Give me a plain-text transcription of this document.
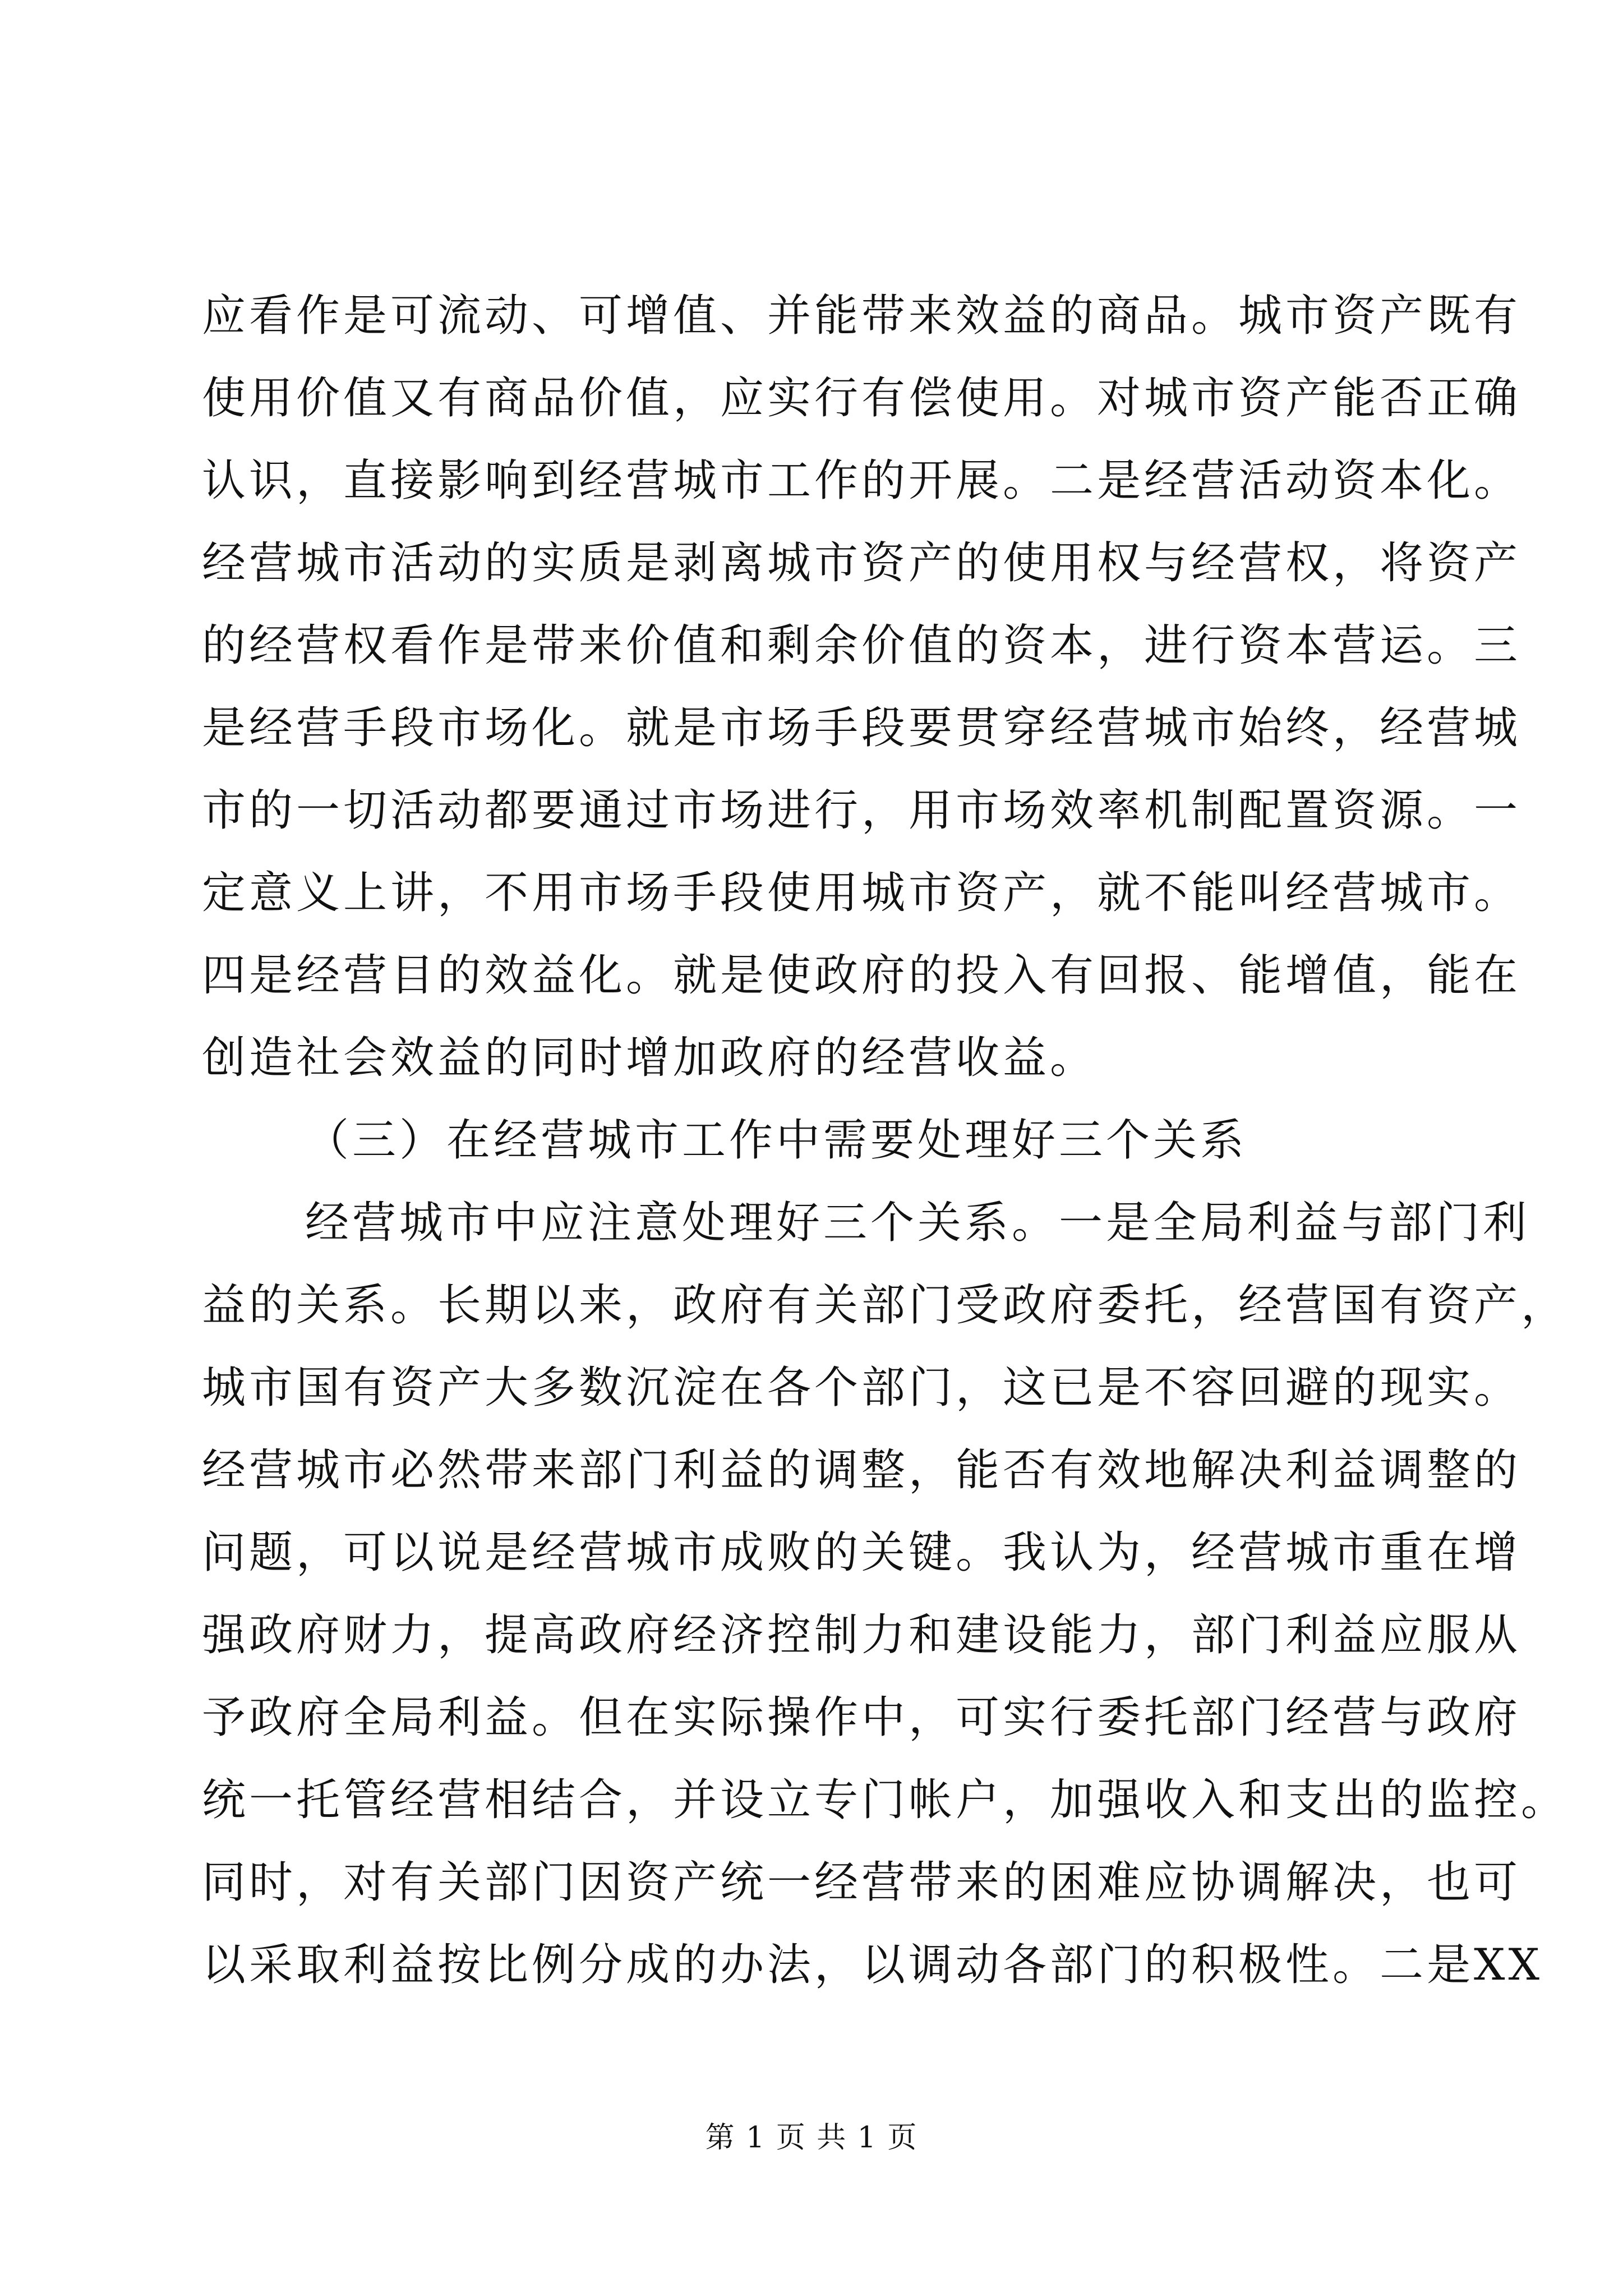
应看作是可流动、可增值、并能带来效益的商品。城市资产既有
使用价值又有商品价值，应实行有偿使用。对城市资产能否正确
认识，直接影响到经营城市工作的开展。二是经营活动资本化。
经营城市活动的实质是剥离城市资产的使用权与经营权，将资产
的经营权看作是带来价值和剩余价值的资本，进行资本营运。三
是经营手段市场化。就是市场手段要贯穿经营城市始终，经营城
市的一切活动都要通过市场进行，用市场效率机制配置资源。一
定意义上讲，不用市场手段使用城市资产，就不能叫经营城市。
四是经营目的效益化。就是使政府的投入有回报、能增值，能在
创造社会效益的同时增加政府的经营收益。
（三）在经营城市工作中需要处理好三个关系
经营城市中应注意处理好三个关系。一是全局利益与部门利
益的关系。长期以来，政府有关部门受政府委托，经营国有资产，
城市国有资产大多数沉淀在各个部门，这已是不容回避的现实。
经营城市必然带来部门利益的调整，能否有效地解决利益调整的
问题，可以说是经营城市成败的关键。我认为，经营城市重在增
强政府财力，提高政府经济控制力和建设能力，部门利益应服从
予政府全局利益。但在实际操作中，可实行委托部门经营与政府
统一托管经营相结合，并设立专门帐户，加强收入和支出的监控。
同时，对有关部门因资产统一经营带来的困难应协调解决，也可
以采取利益按比例分成的办法，以调动各部门的积极性。二是XX
第 1 页 共 1 页
